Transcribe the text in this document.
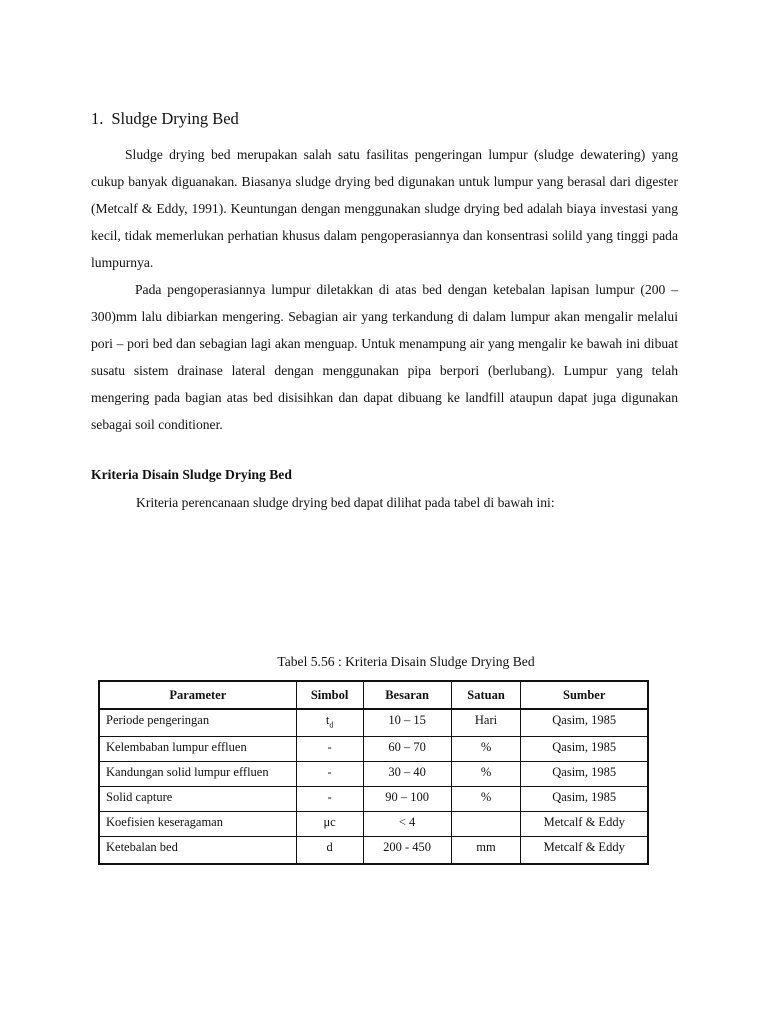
1. Sludge Drying Bed

Sludge drying bed merupakan salah satu fasilitas pengeringan lumpur (sludge dewatering) yang cukup banyak diguanakan. Biasanya sludge drying bed digunakan untuk lumpur yang berasal dari digester (Metcalf & Eddy, 1991). Keuntungan dengan menggunakan sludge drying bed adalah biaya investasi yang kecil, tidak memerlukan perhatian khusus dalam pengoperasiannya dan konsentrasi solild yang tinggi pada lumpurnya.

Pada pengoperasiannya lumpur diletakkan di atas bed dengan ketebalan lapisan lumpur (200 – 300)mm lalu dibiarkan mengering. Sebagian air yang terkandung di dalam lumpur akan mengalir melalui pori – pori bed dan sebagian lagi akan menguap. Untuk menampung air yang mengalir ke bawah ini dibuat susatu sistem drainase lateral dengan menggunakan pipa berpori (berlubang). Lumpur yang telah mengering pada bagian atas bed disisihkan dan dapat dibuang ke landfill ataupun dapat juga digunakan sebagai soil conditioner.

Kriteria Disain Sludge Drying Bed

Kriteria perencanaan sludge drying bed dapat dilihat pada tabel di bawah ini:

Tabel 5.56 : Kriteria Disain Sludge Drying Bed

Parameter	Simbol	Besaran	Satuan	Sumber
Periode pengeringan	$t_d$	10 – 15	Hari	Qasim, 1985
Kelembaban lumpur effluen	-	60 – 70	%	Qasim, 1985
Kandungan solid lumpur effluen	-	30 – 40	%	Qasim, 1985
Solid capture	-	90 – 100	%	Qasim, 1985
Koefisien keseragaman	μc	< 4		Metcalf & Eddy
Ketebalan bed	d	200 - 450	mm	Metcalf & Eddy
